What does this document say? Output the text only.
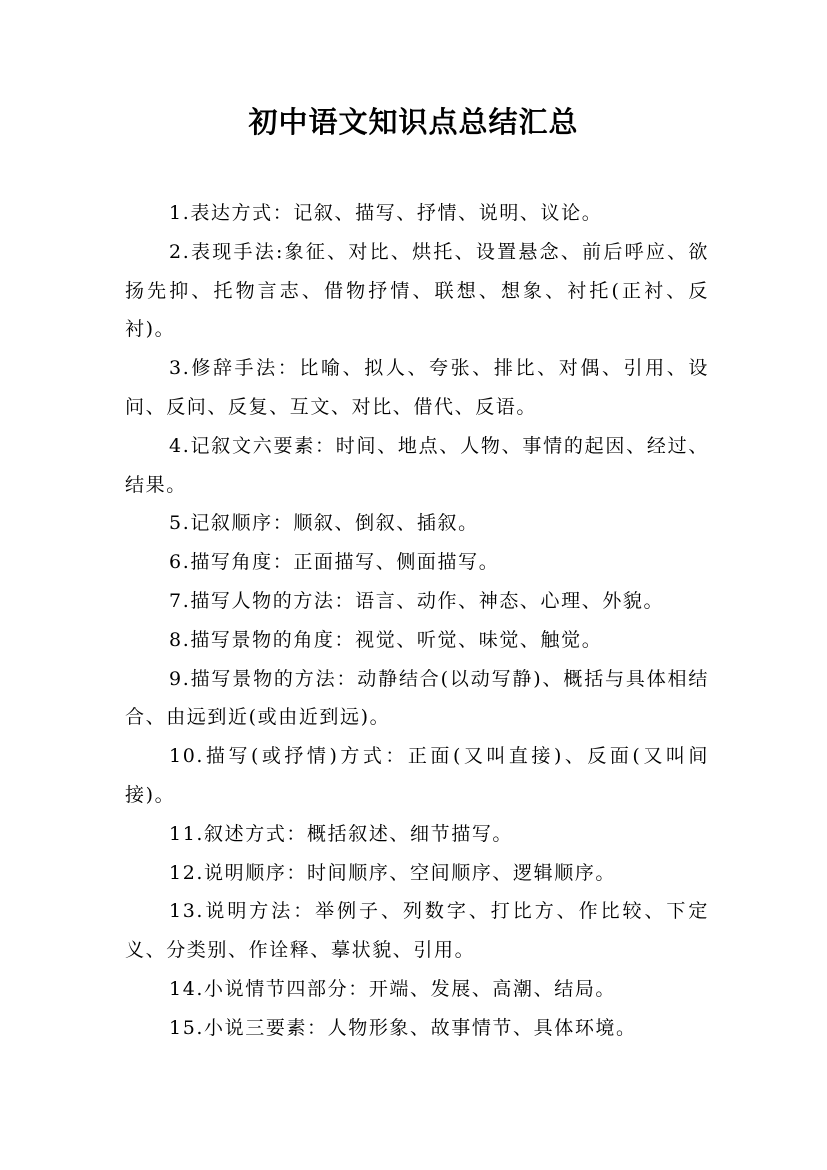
初中语文知识点总结汇总

1.表达方式：记叙、描写、抒情、说明、议论。

2.表现手法:象征、对比、烘托、设置悬念、前后呼应、欲扬先抑、托物言志、借物抒情、联想、想象、衬托(正衬、反衬)。

3.修辞手法：比喻、拟人、夸张、排比、对偶、引用、设问、反问、反复、互文、对比、借代、反语。

4.记叙文六要素：时间、地点、人物、事情的起因、经过、结果。

5.记叙顺序：顺叙、倒叙、插叙。

6.描写角度：正面描写、侧面描写。

7.描写人物的方法：语言、动作、神态、心理、外貌。

8.描写景物的角度：视觉、听觉、味觉、触觉。

9.描写景物的方法：动静结合(以动写静)、概括与具体相结合、由远到近(或由近到远)。

10.描写(或抒情)方式：正面(又叫直接)、反面(又叫间接)。

11.叙述方式：概括叙述、细节描写。

12.说明顺序：时间顺序、空间顺序、逻辑顺序。

13.说明方法：举例子、列数字、打比方、作比较、下定义、分类别、作诠释、摹状貌、引用。

14.小说情节四部分：开端、发展、高潮、结局。

15.小说三要素：人物形象、故事情节、具体环境。
